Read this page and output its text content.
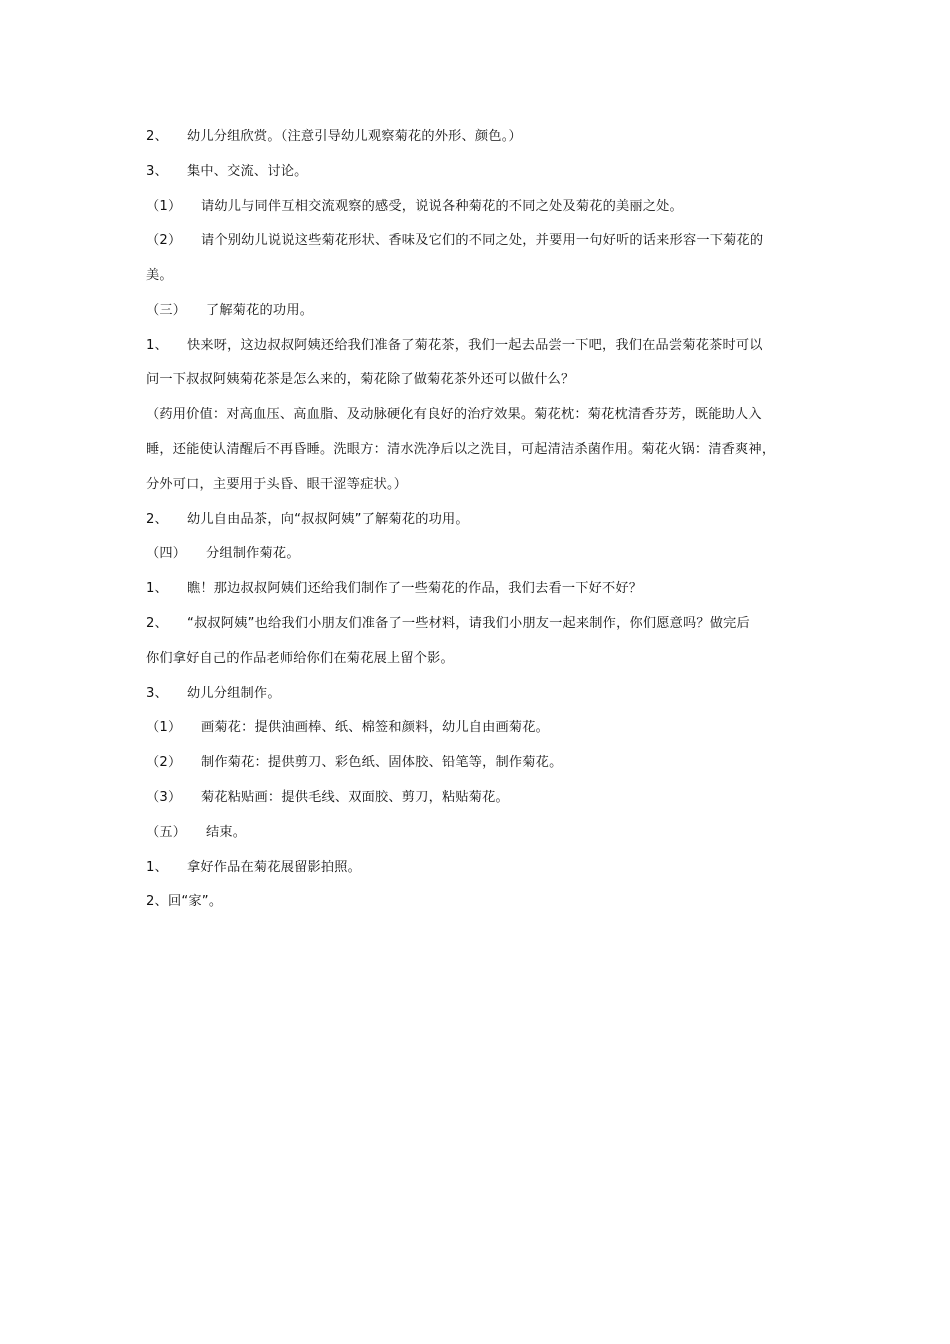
2、 幼儿分组欣赏。（注意引导幼儿观察菊花的外形、颜色。）
3、 集中、交流、讨论。
（1） 请幼儿与同伴互相交流观察的感受，说说各种菊花的不同之处及菊花的美丽之处。
（2） 请个别幼儿说说这些菊花形状、香味及它们的不同之处，并要用一句好听的话来形容一下菊花的
美。
（三） 了解菊花的功用。
1、 快来呀，这边叔叔阿姨还给我们准备了菊花茶，我们一起去品尝一下吧，我们在品尝菊花茶时可以
问一下叔叔阿姨菊花茶是怎么来的，菊花除了做菊花茶外还可以做什么？
（药用价值：对高血压、高血脂、及动脉硬化有良好的治疗效果。菊花枕：菊花枕清香芬芳，既能助人入
睡，还能使认清醒后不再昏睡。洗眼方：清水洗净后以之洗目，可起清洁杀菌作用。菊花火锅：清香爽神，
分外可口，主要用于头昏、眼干涩等症状。）
2、 幼儿自由品茶，向“叔叔阿姨”了解菊花的功用。
（四） 分组制作菊花。
1、 瞧！那边叔叔阿姨们还给我们制作了一些菊花的作品，我们去看一下好不好？
2、 “叔叔阿姨”也给我们小朋友们准备了一些材料，请我们小朋友一起来制作，你们愿意吗？做完后
你们拿好自己的作品老师给你们在菊花展上留个影。
3、 幼儿分组制作。
（1） 画菊花：提供油画棒、纸、棉签和颜料，幼儿自由画菊花。
（2） 制作菊花：提供剪刀、彩色纸、固体胶、铅笔等，制作菊花。
（3） 菊花粘贴画：提供毛线、双面胶、剪刀，粘贴菊花。
（五） 结束。
1、 拿好作品在菊花展留影拍照。
2、回“家”。
